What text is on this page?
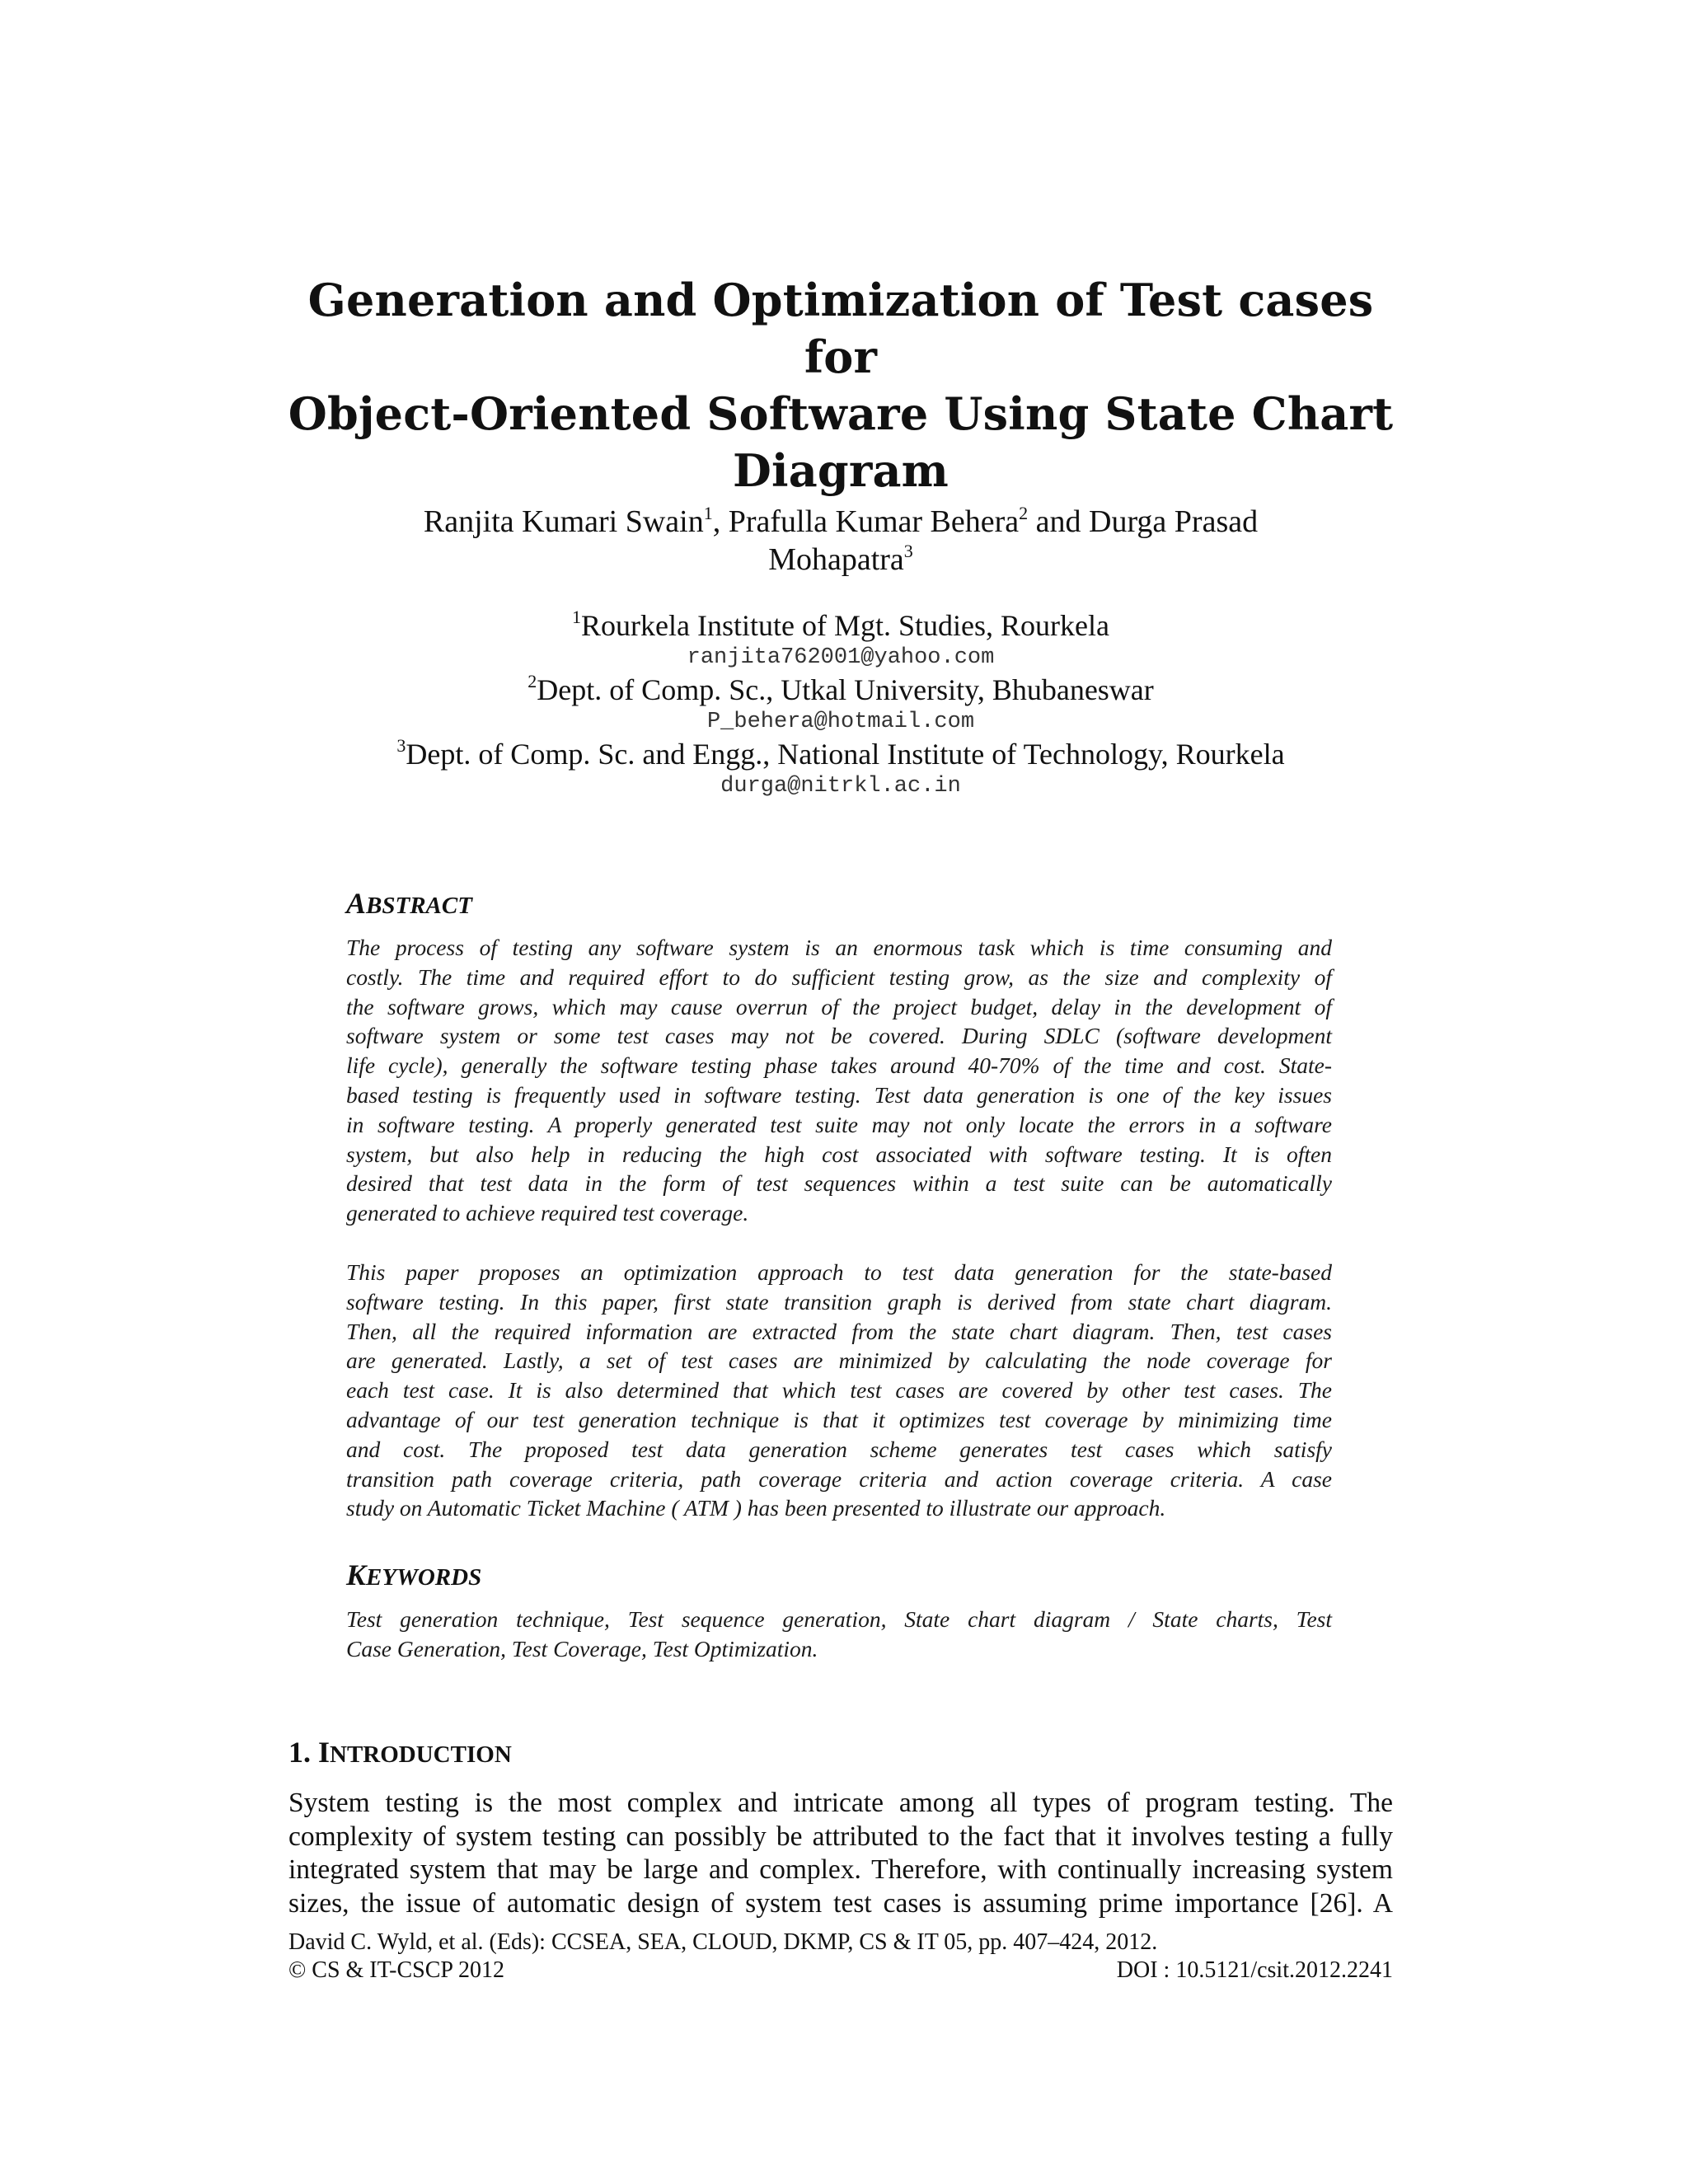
Generation and Optimization of Test cases for
Object-Oriented Software Using State Chart
Diagram
Ranjita Kumari Swain$^1$, Prafulla Kumar Behera$^2$ and Durga Prasad
Mohapatra$^3$
$^1$Rourkela Institute of Mgt. Studies, Rourkela
ranjita762001@yahoo.com
$^2$Dept. of Comp. Sc., Utkal University, Bhubaneswar
P_behera@hotmail.com
$^3$Dept. of Comp. Sc. and Engg., National Institute of Technology, Rourkela
durga@nitrkl.ac.in
ABSTRACT
The process of testing any software system is an enormous task which is time consuming and
costly. The time and required effort to do sufficient testing grow, as the size and complexity of
the software grows, which may cause overrun of the project budget, delay in the development of
software system or some test cases may not be covered. During SDLC (software development
life cycle), generally the software testing phase takes around 40-70% of the time and cost. State-
based testing is frequently used in software testing. Test data generation is one of the key issues
in software testing. A properly generated test suite may not only locate the errors in a software
system, but also help in reducing the high cost associated with software testing. It is often
desired that test data in the form of test sequences within a test suite can be automatically
generated to achieve required test coverage.
This paper proposes an optimization approach to test data generation for the state-based
software testing. In this paper, first state transition graph is derived from state chart diagram.
Then, all the required information are extracted from the state chart diagram. Then, test cases
are generated. Lastly, a set of test cases are minimized by calculating the node coverage for
each test case. It is also determined that which test cases are covered by other test cases. The
advantage of our test generation technique is that it optimizes test coverage by minimizing time
and cost. The proposed test data generation scheme generates test cases which satisfy
transition path coverage criteria, path coverage criteria and action coverage criteria. A case
study on Automatic Ticket Machine ( ATM ) has been presented to illustrate our approach.
KEYWORDS
Test generation technique, Test sequence generation, State chart diagram / State charts, Test
Case Generation, Test Coverage, Test Optimization.
1. INTRODUCTION
System testing is the most complex and intricate among all types of program testing. The
complexity of system testing can possibly be attributed to the fact that it involves testing a fully
integrated system that may be large and complex. Therefore, with continually increasing system
sizes, the issue of automatic design of system test cases is assuming prime importance [26]. A
David C. Wyld, et al. (Eds): CCSEA, SEA, CLOUD, DKMP, CS & IT 05, pp. 407–424, 2012.
© CS & IT-CSCP 2012	DOI : 10.5121/csit.2012.2241
